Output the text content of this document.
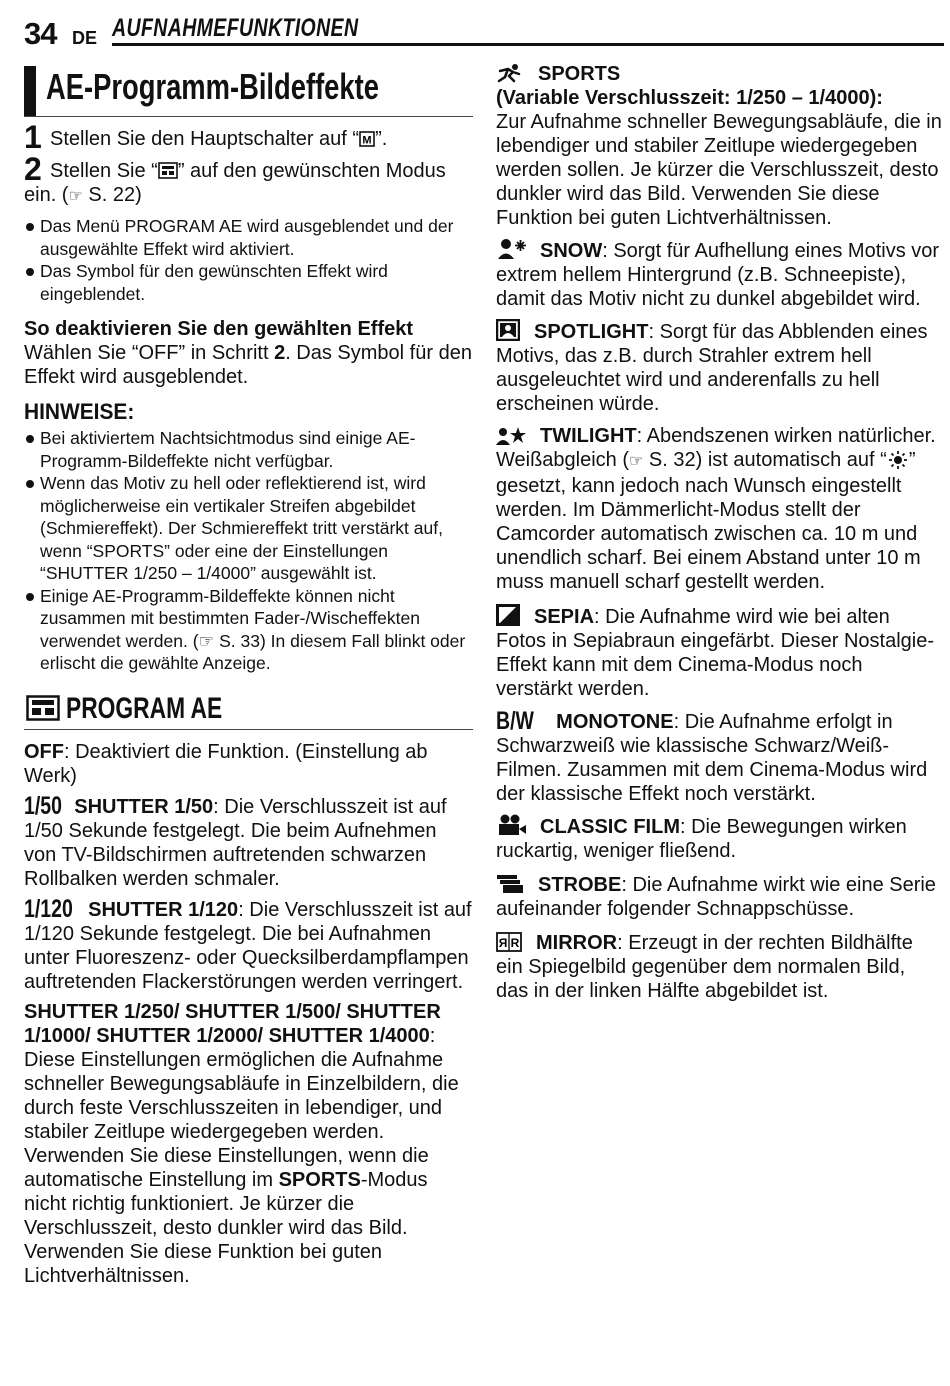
34 DE AUFNAHMEFUNKTIONEN
AE-Programm-Bildeffekte

1 Stellen Sie den Hauptschalter auf “ M ”.

2 Stellen Sie “ ” auf den gewünschten Modus ein. (☞ S. 22)

Das Menü PROGRAM AE wird ausgeblendet und der ausgewählte Effekt wird aktiviert.

Das Symbol für den gewünschten Effekt wird eingeblendet.

So deaktivieren Sie den gewählten Effekt

Wählen Sie “OFF” in Schritt 2. Das Symbol für den Effekt wird ausgeblendet.

HINWEISE:

Bei aktiviertem Nachtsichtmodus sind einige AE-Programm-Bildeffekte nicht verfügbar.

Wenn das Motiv zu hell oder reflektierend ist, wird möglicherweise ein vertikaler Streifen abgebildet (Schmiereffekt). Der Schmiereffekt tritt verstärkt auf, wenn “SPORTS” oder eine der Einstellungen “SHUTTER 1/250 – 1/4000” ausgewählt ist.

Einige AE-Programm-Bildeffekte können nicht zusammen mit bestimmten Fader-/Wischeffekten verwendet werden. (☞ S. 33) In diesem Fall blinkt oder erlischt die gewählte Anzeige.

PROGRAM AE

OFF: Deaktiviert die Funktion. (Einstellung ab Werk)

1/50 SHUTTER 1/50: Die Verschlusszeit ist auf 1/50 Sekunde festgelegt. Die beim Aufnehmen von TV-Bildschirmen auftretenden schwarzen Rollbalken werden schmaler.

1/120 SHUTTER 1/120: Die Verschlusszeit ist auf 1/120 Sekunde festgelegt. Die bei Aufnahmen unter Fluoreszenz- oder Quecksilberdampflampen auftretenden Flackerstörungen werden verringert.

SHUTTER 1/250/ SHUTTER 1/500/ SHUTTER 1/1000/ SHUTTER 1/2000/ SHUTTER 1/4000: Diese Einstellungen ermöglichen die Aufnahme schneller Bewegungsabläufe in Einzelbildern, die durch feste Verschlusszeiten in lebendiger, und stabiler Zeitlupe wiedergegeben werden. Verwenden Sie diese Einstellungen, wenn die automatische Einstellung im SPORTS-Modus nicht richtig funktioniert. Je kürzer die Verschlusszeit, desto dunkler wird das Bild. Verwenden Sie diese Funktion bei guten Lichtverhältnissen.

SPORTS
(Variable Verschlusszeit: 1/250 – 1/4000):
Zur Aufnahme schneller Bewegungsabläufe, die in lebendiger und stabiler Zeitlupe wiedergegeben werden sollen. Je kürzer die Verschlusszeit, desto dunkler wird das Bild. Verwenden Sie diese Funktion bei guten Lichtverhältnissen.

SNOW: Sorgt für Aufhellung eines Motivs vor extrem hellem Hintergrund (z.B. Schneepiste), damit das Motiv nicht zu dunkel abgebildet wird.

SPOTLIGHT: Sorgt für das Abblenden eines Motivs, das z.B. durch Strahler extrem hell ausgeleuchtet wird und anderenfalls zu hell erscheinen würde.

TWILIGHT: Abendszenen wirken natürlicher. Weißabgleich (☞ S. 32) ist automatisch auf “ ” gesetzt, kann jedoch nach Wunsch eingestellt werden. Im Dämmerlicht-Modus stellt der Camcorder automatisch zwischen ca. 10 m und unendlich scharf. Bei einem Abstand unter 10 m muss manuell scharf gestellt werden.

SEPIA: Die Aufnahme wird wie bei alten Fotos in Sepiabraun eingefärbt. Dieser Nostalgie-Effekt kann mit dem Cinema-Modus noch verstärkt werden.

B/W MONOTONE: Die Aufnahme erfolgt in Schwarzweiß wie klassische Schwarz/Weiß-Filmen. Zusammen mit dem Cinema-Modus wird der klassische Effekt noch verstärkt.

CLASSIC FILM: Die Bewegungen wirken ruckartig, weniger fließend.

STROBE: Die Aufnahme wirkt wie eine Serie aufeinander folgender Schnappschüsse.

R R MIRROR: Erzeugt in der rechten Bildhälfte ein Spiegelbild gegenüber dem normalen Bild, das in der linken Hälfte abgebildet ist.
